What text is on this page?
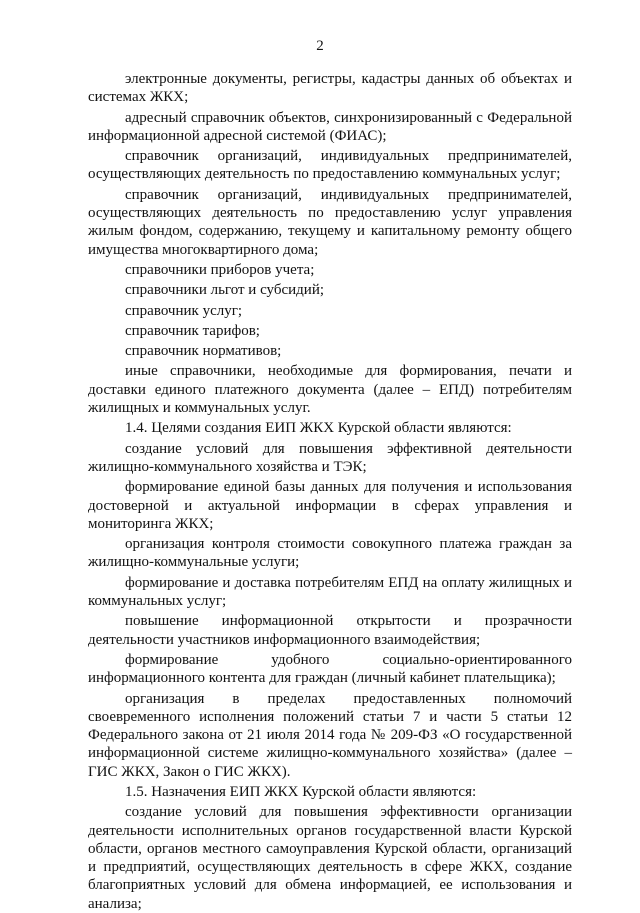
2

электронные документы, регистры, кадастры данных об объектах и системах ЖКХ;

адресный справочник объектов, синхронизированный с Федеральной информационной адресной системой (ФИАС);

справочник организаций, индивидуальных предпринимателей, осуществляющих деятельность по предоставлению коммунальных услуг;

справочник организаций, индивидуальных предпринимателей, осуществляющих деятельность по предоставлению услуг управления жилым фондом, содержанию, текущему и капитальному ремонту общего имущества многоквартирного дома;

справочники приборов учета;

справочники льгот и субсидий;

справочник услуг;

справочник тарифов;

справочник нормативов;

иные справочники, необходимые для формирования, печати и доставки единого платежного документа (далее – ЕПД) потребителям жилищных и коммунальных услуг.

1.4. Целями создания ЕИП ЖКХ Курской области являются:

создание условий для повышения эффективной деятельности жилищно-коммунального хозяйства и ТЭК;

формирование единой базы данных для получения и использования достоверной и актуальной информации в сферах управления и мониторинга ЖКХ;

организация контроля стоимости совокупного платежа граждан за жилищно-коммунальные услуги;

формирование и доставка потребителям ЕПД на оплату жилищных и коммунальных услуг;

повышение информационной открытости и прозрачности деятельности участников информационного взаимодействия;

формирование удобного социально-ориентированного информационного контента для граждан (личный кабинет плательщика);

организация в пределах предоставленных полномочий своевременного исполнения положений статьи 7 и части 5 статьи 12 Федерального закона от 21 июля 2014 года № 209-ФЗ «О государственной информационной системе жилищно-коммунального хозяйства» (далее – ГИС ЖКХ, Закон о ГИС ЖКХ).

1.5. Назначения ЕИП ЖКХ Курской области являются:

создание условий для повышения эффективности организации деятельности исполнительных органов государственной власти Курской области, органов местного самоуправления Курской области, организаций и предприятий, осуществляющих деятельность в сфере ЖКХ, создание благоприятных условий для обмена информацией, ее использования и анализа;
